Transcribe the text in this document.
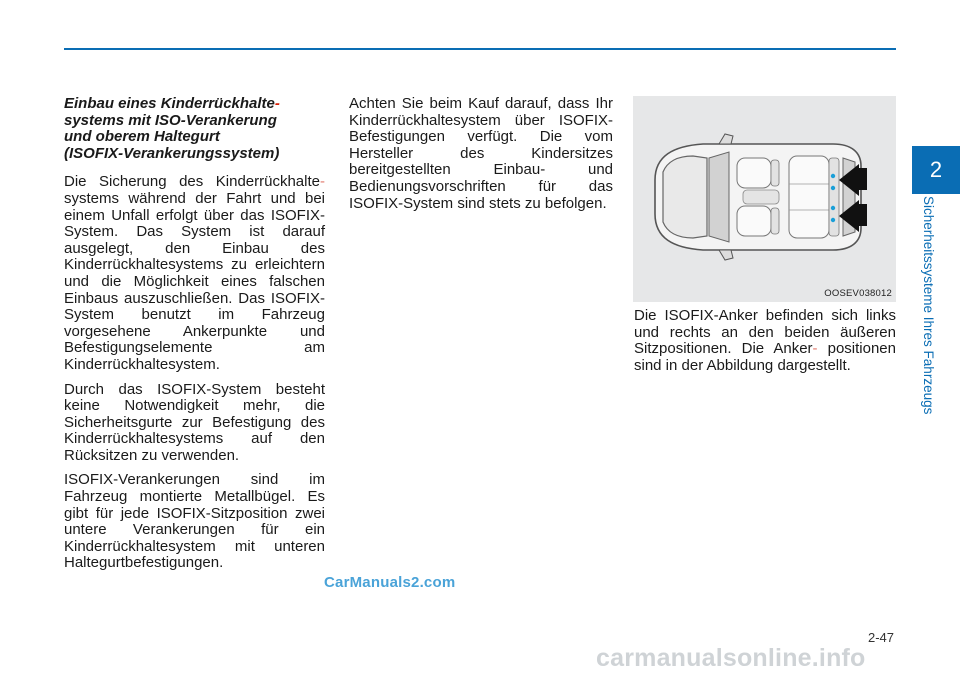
Einbau eines Kinderrückhalte-
systems mit ISO-Verankerung
und oberem Haltegurt
(ISOFIX-Verankerungssystem)

Die Sicherung des Kinderrückhalte- systems während der Fahrt und bei einem Unfall erfolgt über das ISOFIX-System. Das System ist darauf ausgelegt, den Einbau des Kinderrückhaltesystems zu erleichtern und die Möglichkeit eines falschen Einbaus auszuschließen. Das ISOFIX-System benutzt im Fahrzeug vorgesehene Ankerpunkte und Befestigungselemente am Kinderrückhaltesystem.

Durch das ISOFIX-System besteht keine Notwendigkeit mehr, die Sicherheitsgurte zur Befestigung des Kinderrückhaltesystems auf den Rücksitzen zu verwenden.

ISOFIX-Verankerungen sind im Fahrzeug montierte Metallbügel. Es gibt für jede ISOFIX-Sitzposition zwei untere Verankerungen für ein Kinderrückhaltesystem mit unteren Haltegurtbefestigungen.

Achten Sie beim Kauf darauf, dass Ihr Kinderrückhaltesystem über ISOFIX-Befestigungen verfügt. Die vom Hersteller des Kindersitzes bereitgestellten Einbau- und Bedienungsvorschriften für das ISOFIX-System sind stets zu befolgen.

OOSEV038012

Die ISOFIX-Anker befinden sich links und rechts an den beiden äußeren Sitzpositionen. Die Anker- positionen sind in der Abbildung dargestellt.

2
Sicherheitssysteme Ihres Fahrzeugs
2-47
CarManuals2.com
carmanualsonline.info
